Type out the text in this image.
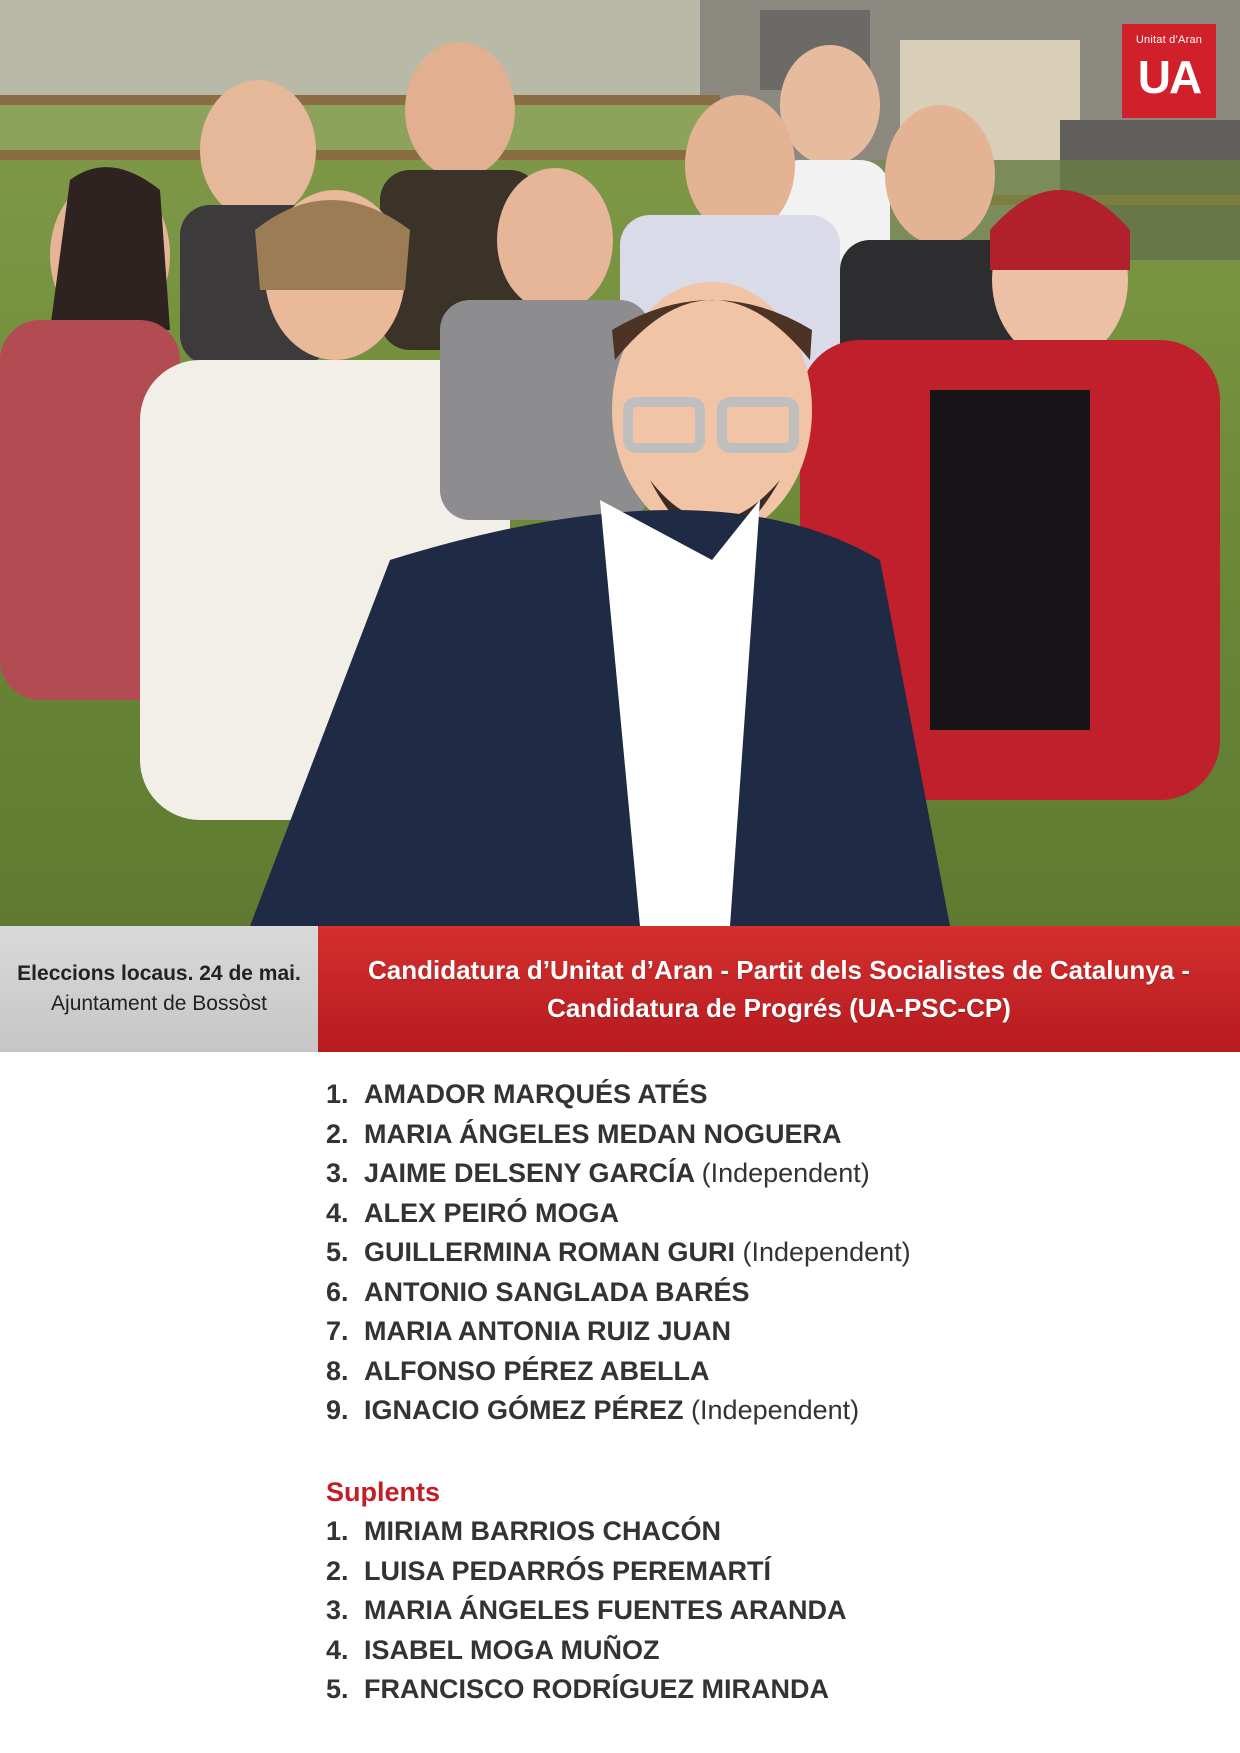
Unitat d’Aran
UA
Eleccions locaus. 24 de mai.
Ajuntament de Bossòst
Candidatura d’Unitat d’Aran - Partit dels Socialistes de Catalunya - Candidatura de Progrés (UA-PSC-CP)
1. AMADOR MARQUÉS ATÉS
2. MARIA ÁNGELES MEDAN NOGUERA
3. JAIME DELSENY GARCÍA (Independent)
4. ALEX PEIRÓ MOGA
5. GUILLERMINA ROMAN GURI (Independent)
6. ANTONIO SANGLADA BARÉS
7. MARIA ANTONIA RUIZ JUAN
8. ALFONSO PÉREZ ABELLA
9. IGNACIO GÓMEZ PÉREZ (Independent)
Suplents
1. MIRIAM BARRIOS CHACÓN
2. LUISA PEDARRÓS PEREMARTÍ
3. MARIA ÁNGELES FUENTES ARANDA
4. ISABEL MOGA MUÑOZ
5. FRANCISCO RODRÍGUEZ MIRANDA
